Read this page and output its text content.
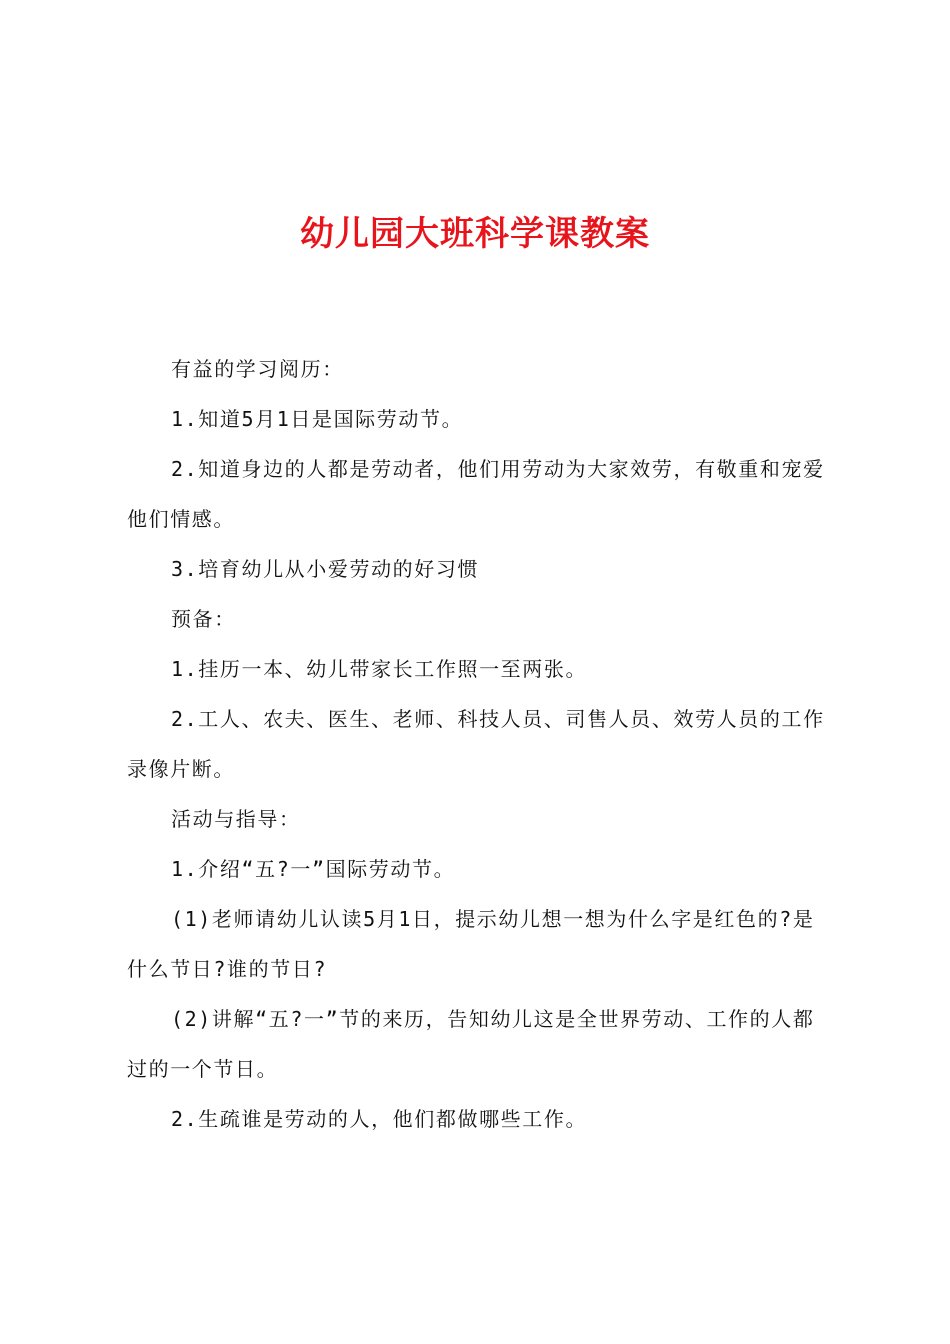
幼儿园大班科学课教案

有益的学习阅历：

1.知道5月1日是国际劳动节。

2.知道身边的人都是劳动者，他们用劳动为大家效劳，有敬重和宠爱他们情感。

3.培育幼儿从小爱劳动的好习惯

预备：

1.挂历一本、幼儿带家长工作照一至两张。

2.工人、农夫、医生、老师、科技人员、司售人员、效劳人员的工作录像片断。

活动与指导：

1.介绍“五?一”国际劳动节。

(1)老师请幼儿认读5月1日，提示幼儿想一想为什么字是红色的?是什么节日?谁的节日?

(2)讲解“五?一”节的来历，告知幼儿这是全世界劳动、工作的人都过的一个节日。

2.生疏谁是劳动的人，他们都做哪些工作。
